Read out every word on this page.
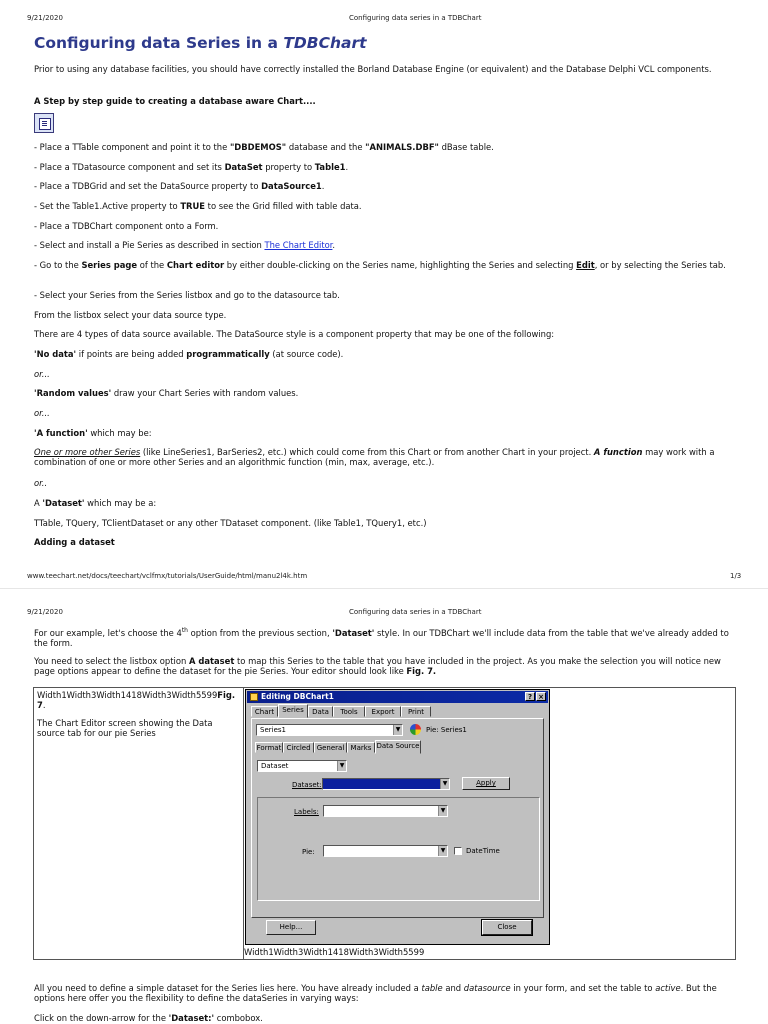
9/21/2020	Configuring data series in a TDBChart
Configuring data Series in a TDBChart
Prior to using any database facilities, you should have correctly installed the Borland Database Engine (or equivalent) and the Database Delphi VCL components.
A Step by step guide to creating a database aware Chart....
- Place a TTable component and point it to the "DBDEMOS" database and the "ANIMALS.DBF" dBase table.
- Place a TDatasource component and set its DataSet property to Table1.
- Place a TDBGrid and set the DataSource property to DataSource1.
- Set the Table1.Active property to TRUE to see the Grid filled with table data.
- Place a TDBChart component onto a Form.
- Select and install a Pie Series as described in section The Chart Editor.
- Go to the Series page of the Chart editor by either double-clicking on the Series name, highlighting the Series and selecting Edit, or by selecting the Series tab.
- Select your Series from the Series listbox and go to the datasource tab.
From the listbox select your data source type.
There are 4 types of data source available. The DataSource style is a component property that may be one of the following:
'No data' if points are being added programmatically (at source code).
or...
'Random values' draw your Chart Series with random values.
or...
'A function' which may be:
One or more other Series (like LineSeries1, BarSeries2, etc.) which could come from this Chart or from another Chart in your project. A function may work with a combination of one or more other Series and an algorithmic function (min, max, average, etc.).
or..
A 'Dataset' which may be a:
TTable, TQuery, TClientDataset or any other TDataset component. (like Table1, TQuery1, etc.)
Adding a dataset
www.teechart.net/docs/teechart/vclfmx/tutorials/UserGuide/html/manu2l4k.htm	1/3
9/21/2020	Configuring data series in a TDBChart
For our example, let's choose the 4th option from the previous section, 'Dataset' style. In our TDBChart we'll include data from the table that we've already added to the form.
You need to select the listbox option A dataset to map this Series to the table that you have included in the project. As you make the selection you will notice new page options appear to define the dataset for the pie Series. Your editor should look like Fig. 7.
Width1Width3Width1418Width3Width5599Fig. 7.
The Chart Editor screen showing the Data source tab for our pie Series
Width1Width3Width1418Width3Width5599
Editing DBChart1	? ×
Chart	Series	Data	Tools	Export	Print
Series1	▼	Pie: Series1
Format Circled General Marks Data Source
Dataset	▼
Dataset:	▼	Apply
Labels:	▼
Pie:	▼	DateTime
Help...	Close
All you need to define a simple dataset for the Series lies here. You have already included a table and datasource in your form, and set the table to active. But the options here offer you the flexibility to define the dataSeries in varying ways:
Click on the down-arrow for the 'Dataset:' combobox.
